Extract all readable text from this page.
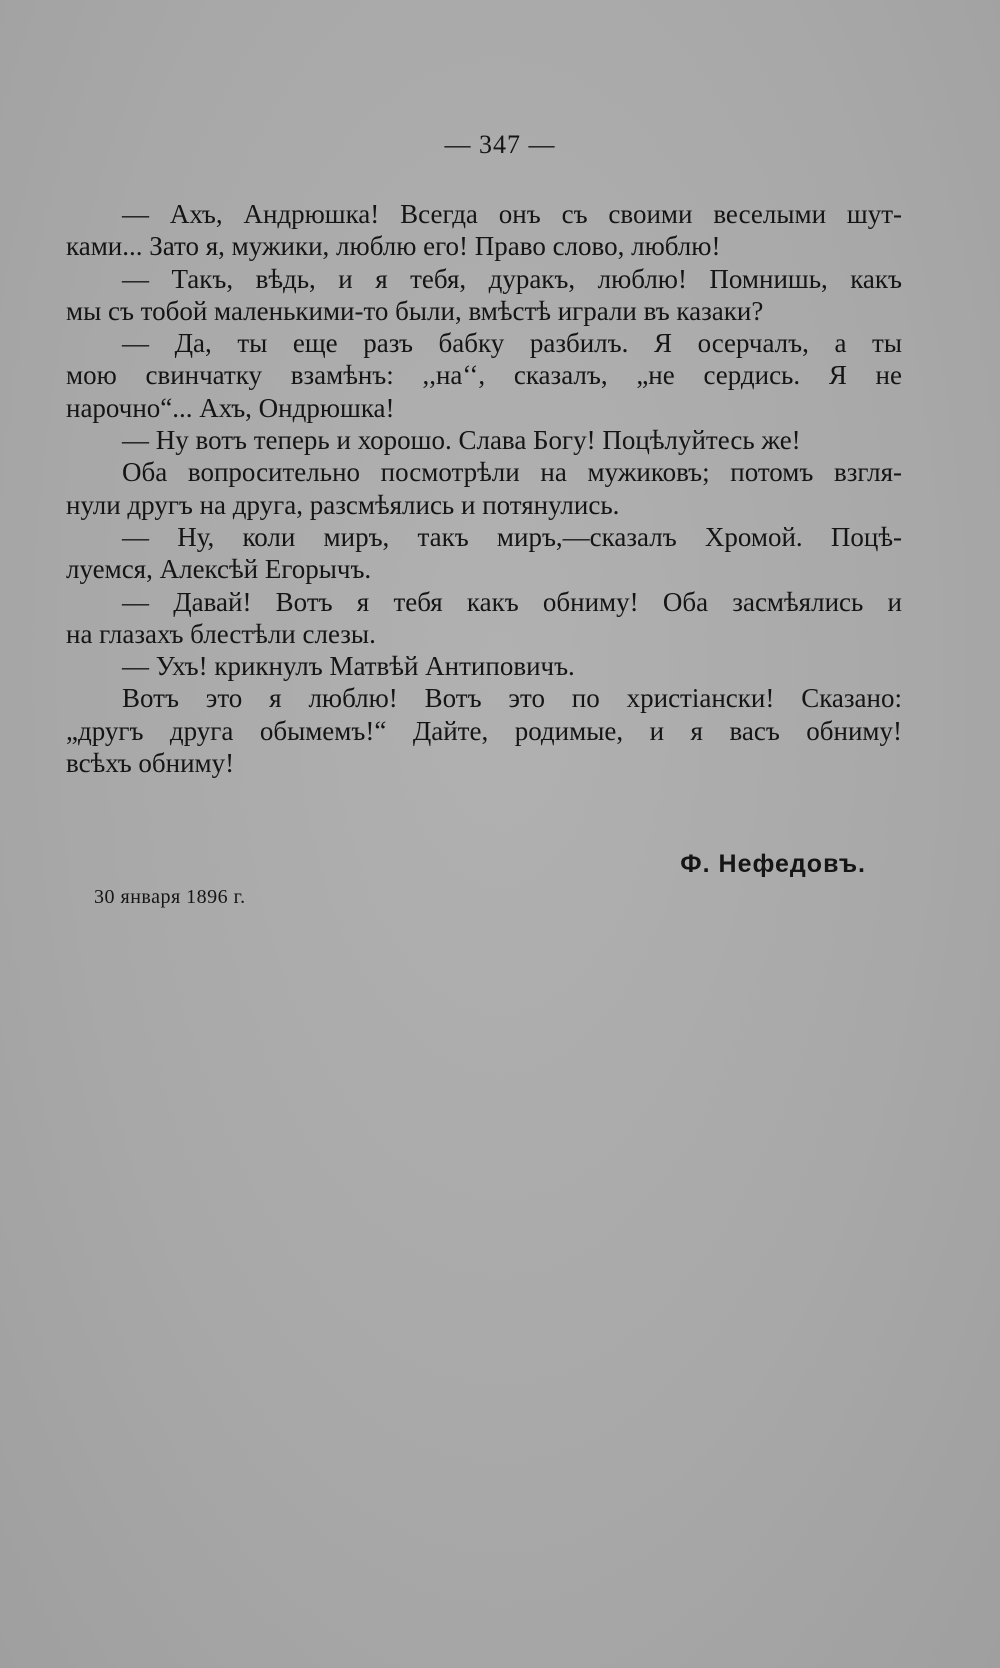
— 347 —
— Ахъ, Андрюшка! Всегда онъ съ своими веселыми шут-
ками... Зато я, мужики, люблю его! Право слово, люблю!
— Такъ, вѣдь, и я тебя, дуракъ, люблю! Помнишь, какъ
мы съ тобой маленькими-то были, вмѣстѣ играли въ казаки?
— Да, ты еще разъ бабку разбилъ. Я осерчалъ, а ты
мою свинчатку взамѣнъ: ,,на‘‘, сказалъ, „не сердись. Я не
нарочно“... Ахъ, Ондрюшка!
— Ну вотъ теперь и хорошо. Слава Богу! Поцѣлуйтесь же!
Оба вопросительно посмотрѣли на мужиковъ; потомъ взгля-
нули другъ на друга, разсмѣялись и потянулись.
— Ну, коли миръ, такъ миръ,—сказалъ Хромой. Поцѣ-
луемся, Алексѣй Егорычъ.
— Давай! Вотъ я тебя какъ обниму! Оба засмѣялись и
на глазахъ блестѣли слезы.
— Ухъ! крикнулъ Матвѣй Антиповичъ.
Вотъ это я люблю! Вотъ это по христіански! Сказано:
„другъ друга обымемъ!“ Дайте, родимые, и я васъ обниму!
всѣхъ обниму!
Ф. Нефедовъ.
30 января 1896 г.
